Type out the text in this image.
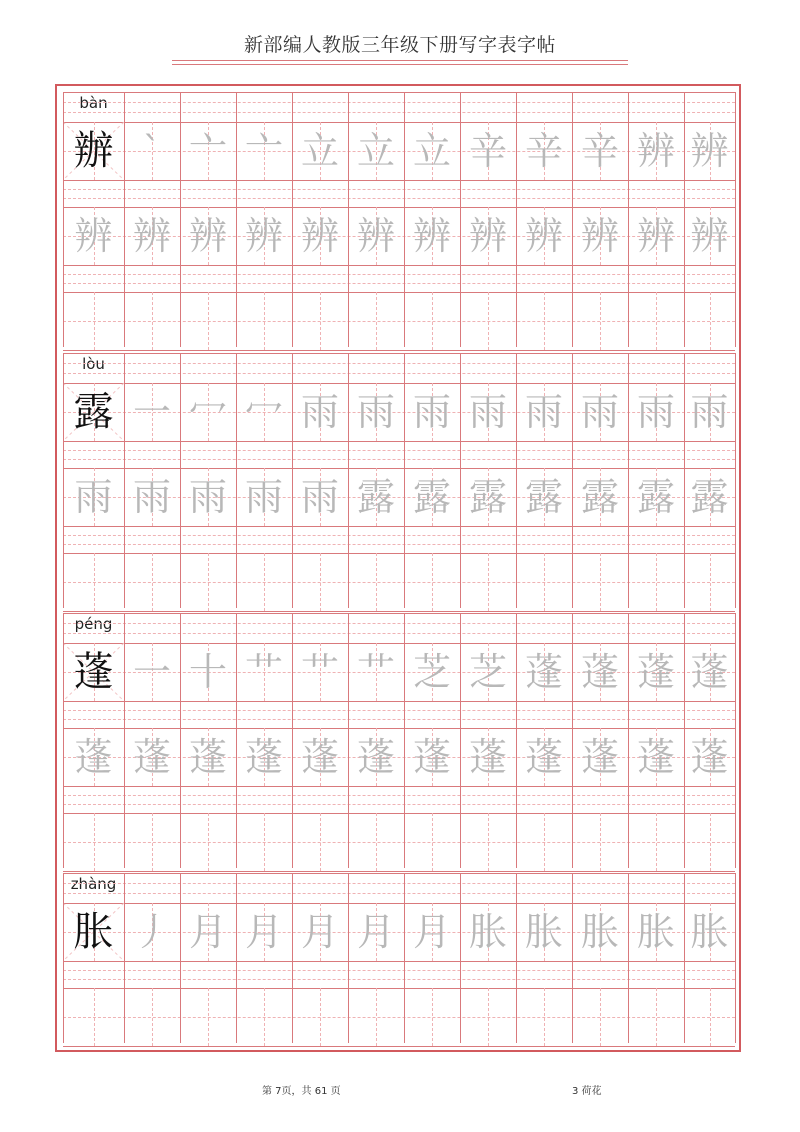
新部编人教版三年级下册写字表字帖
bàn
辦 ` 亠 亠 立 立 立 辛 辛 辛 辨 辨
辨 辨 辨 辨 辨 辨 辨 辨 辨 辨 辨 辨
lòu
露 一 冖 冖 雨 雨 雨 雨 雨 雨 雨 雨
雨 雨 雨 雨 雨 露 露 露 露 露 露 露
péng
蓬 一 十 艹 艹 艹 芝 芝 蓬 蓬 蓬 蓬
蓬 蓬 蓬 蓬 蓬 蓬 蓬 蓬 蓬 蓬 蓬 蓬
zhàng
胀 丿 月 月 月 月 月 胀 胀 胀 胀 胀
第 7页，共 61 页	3 荷花
